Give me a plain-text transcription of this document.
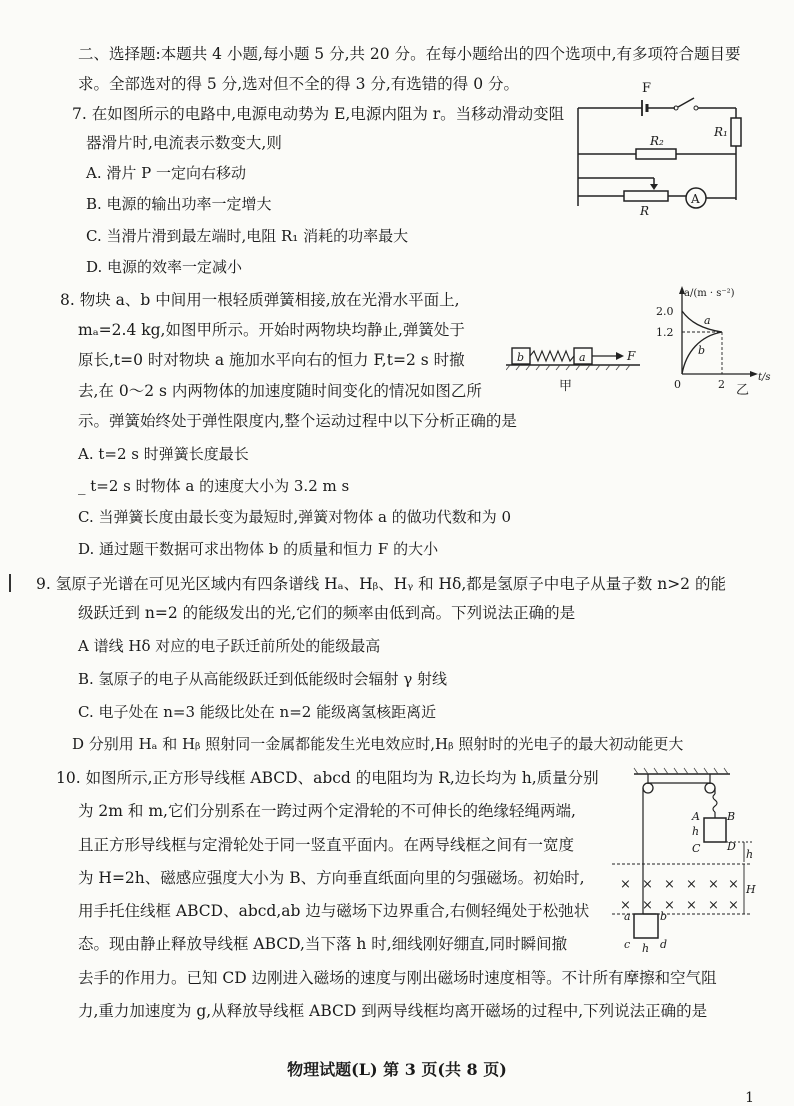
二、选择题:本题共 4 小题,每小题 5 分,共 20 分。在每小题给出的四个选项中,有多项符合题目要
求。全部选对的得 5 分,选对但不全的得 3 分,有选错的得 0 分。
7. 在如图所示的电路中,电源电动势为 E,电源内阻为 r。当移动滑动变阻
器滑片时,电流表示数变大,则
A. 滑片 P 一定向右移动
B. 电源的输出功率一定增大
C. 当滑片滑到最左端时,电阻 R₁ 消耗的功率最大
D. 电源的效率一定减小
F
R₁
R₂
A
R
8. 物块 a、b 中间用一根轻质弹簧相接,放在光滑水平面上,
mₐ=2.4 kg,如图甲所示。开始时两物块均静止,弹簧处于
原长,t=0 时对物块 a 施加水平向右的恒力 F,t=2 s 时撤
去,在 0～2 s 内两物体的加速度随时间变化的情况如图乙所
示。弹簧始终处于弹性限度内,整个运动过程中以下分析正确的是
A. t=2 s 时弹簧长度最长
_ t=2 s 时物体 a 的速度大小为 3.2 m s
C. 当弹簧长度由最长变为最短时,弹簧对物体 a 的做功代数和为 0
D. 通过题干数据可求出物体 b 的质量和恒力 F 的大小
b	a	F
甲
a/(m · s⁻²)
2.0
1.2
a
b
0	2
t/s
乙
9. 氢原子光谱在可见光区域内有四条谱线 Hₐ、Hᵦ、Hᵧ 和 Hδ,都是氢原子中电子从量子数 n>2 的能
级跃迁到 n=2 的能级发出的光,它们的频率由低到高。下列说法正确的是
A 谱线 Hδ 对应的电子跃迁前所处的能级最高
B. 氢原子的电子从高能级跃迁到低能级时会辐射 γ 射线
C. 电子处在 n=3 能级比处在 n=2 能级离氢核距离近
D 分别用 Hₐ 和 Hᵦ 照射同一金属都能发生光电效应时,Hᵦ 照射时的光电子的最大初动能更大
10. 如图所示,正方形导线框 ABCD、abcd 的电阻均为 R,边长均为 h,质量分别
为 2m 和 m,它们分别系在一跨过两个定滑轮的不可伸长的绝缘轻绳两端,
且正方形导线框与定滑轮处于同一竖直平面内。在两导线框之间有一宽度
为 H=2h、磁感应强度大小为 B、方向垂直纸面向里的匀强磁场。初始时,
用手托住线框 ABCD、abcd,ab 边与磁场下边界重合,右侧轻绳处于松弛状
态。现由静止释放导线框 ABCD,当下落 h 时,细线刚好绷直,同时瞬间撤
去手的作用力。已知 CD 边刚进入磁场的速度与刚出磁场时速度相等。不计所有摩擦和空气阻
力,重力加速度为 g,从释放导线框 ABCD 到两导线框均离开磁场的过程中,下列说法正确的是
A B
h
C D
h
H
× × × × × ×
× × × × × ×
a	b
c h d
物理试题(L) 第 3 页(共 8 页)
1
